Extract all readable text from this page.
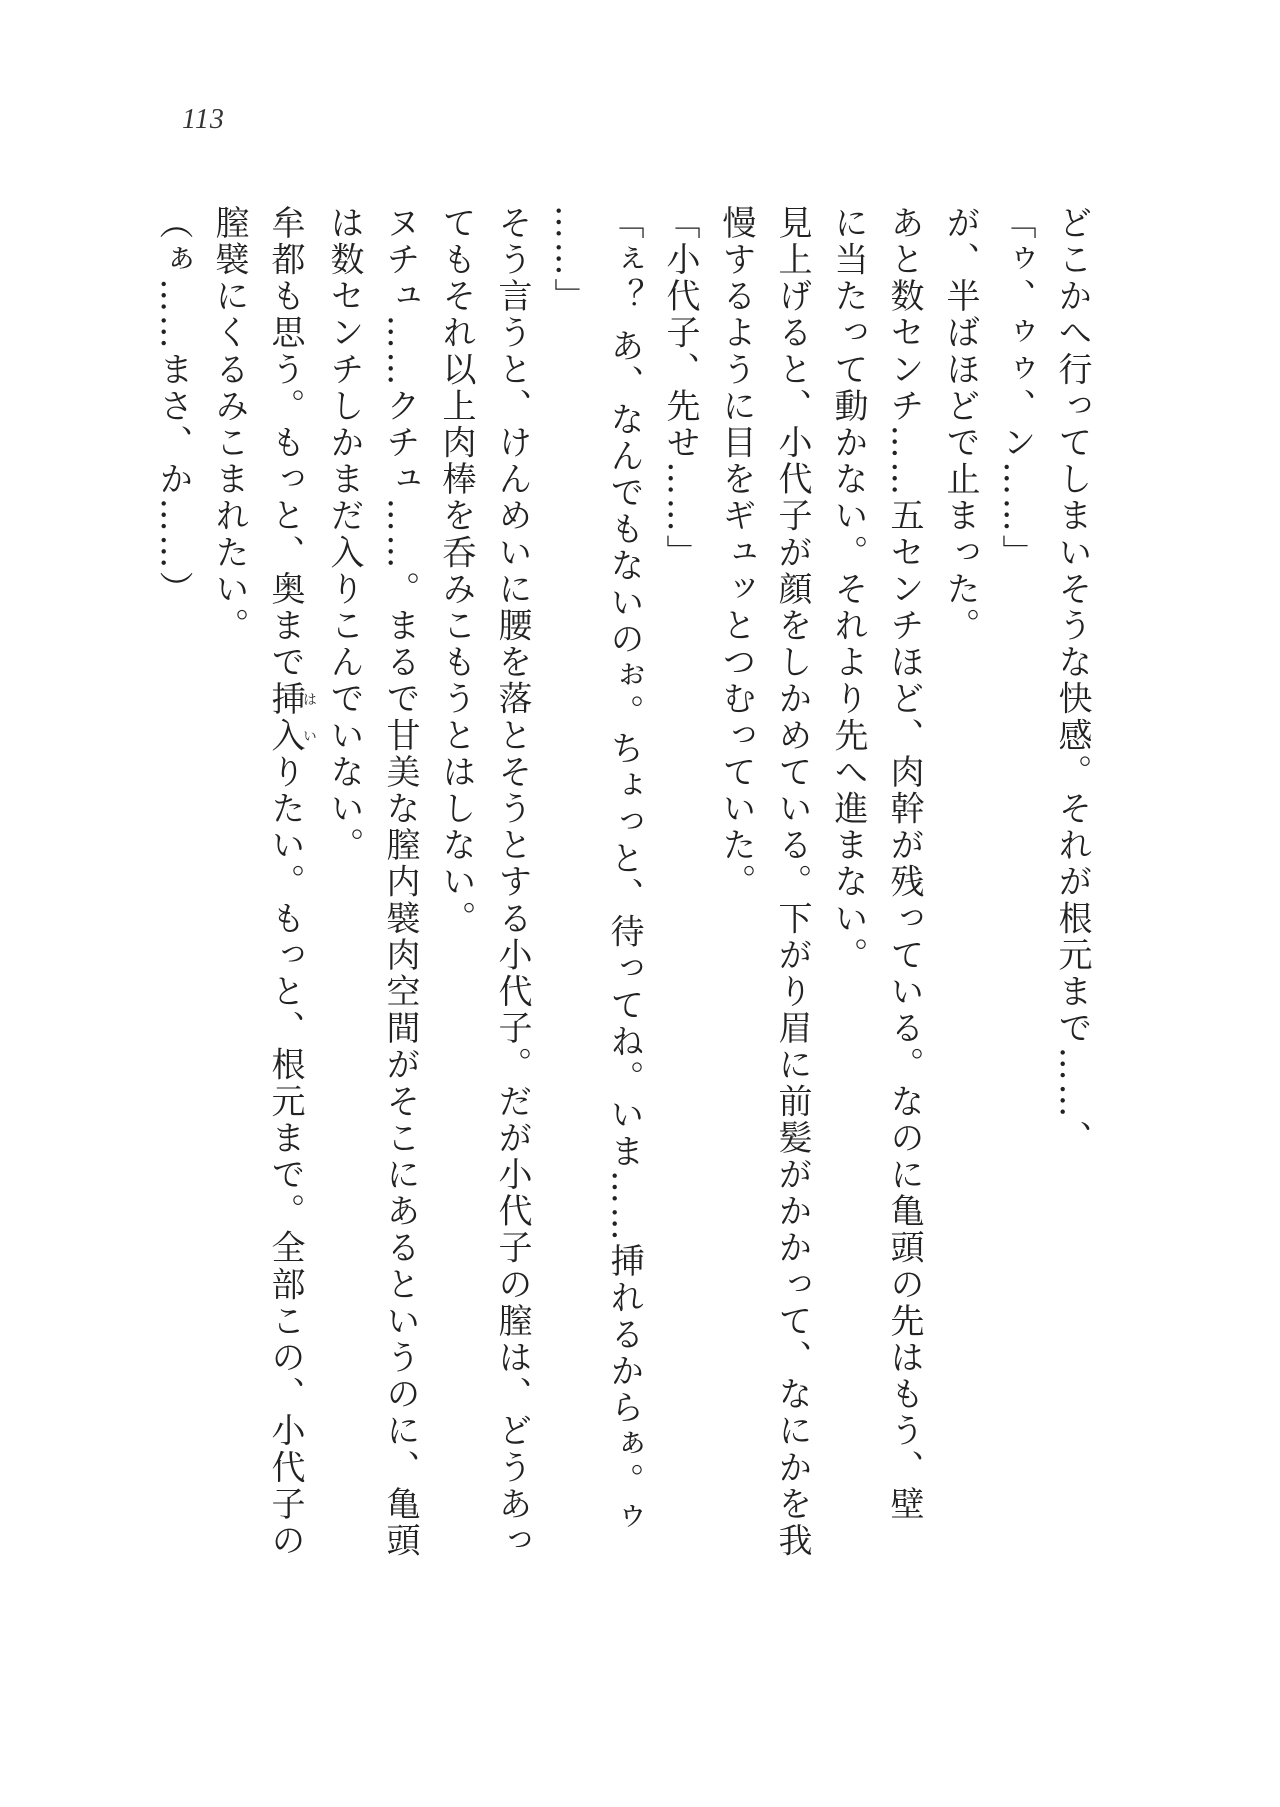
113
どこかへ行ってしまいそうな快感。それが根元まで……、
「ゥ、ゥゥ、ン……」
が、半ばほどで止まった。
あと数センチ……五センチほど、肉幹が残っている。なのに亀頭の先はもう、壁
に当たって動かない。それより先へ進まない。
見上げると、小代子が顔をしかめている。下がり眉に前髪がかかって、なにかを我
慢するように目をギュッとつむっていた。
「小代子、先せ……」
「ぇ？ あ、なんでもないのぉ。ちょっと、待ってね。いま……挿れるからぁ。ゥ
……」
そう言うと、けんめいに腰を落とそうとする小代子。だが小代子の膣は、どうあっ
てもそれ以上肉棒を呑みこもうとはしない。
ヌチュ……クチュ……。まるで甘美な膣内襞肉空間がそこにあるというのに、亀頭
は数センチしかまだ入りこんでいない。
牟都も思う。もっと、奥まで挿入はいりたい。もっと、根元まで。全部この、小代子の
膣襞にくるみこまれたい。
（ぁ……まさ、か……）
